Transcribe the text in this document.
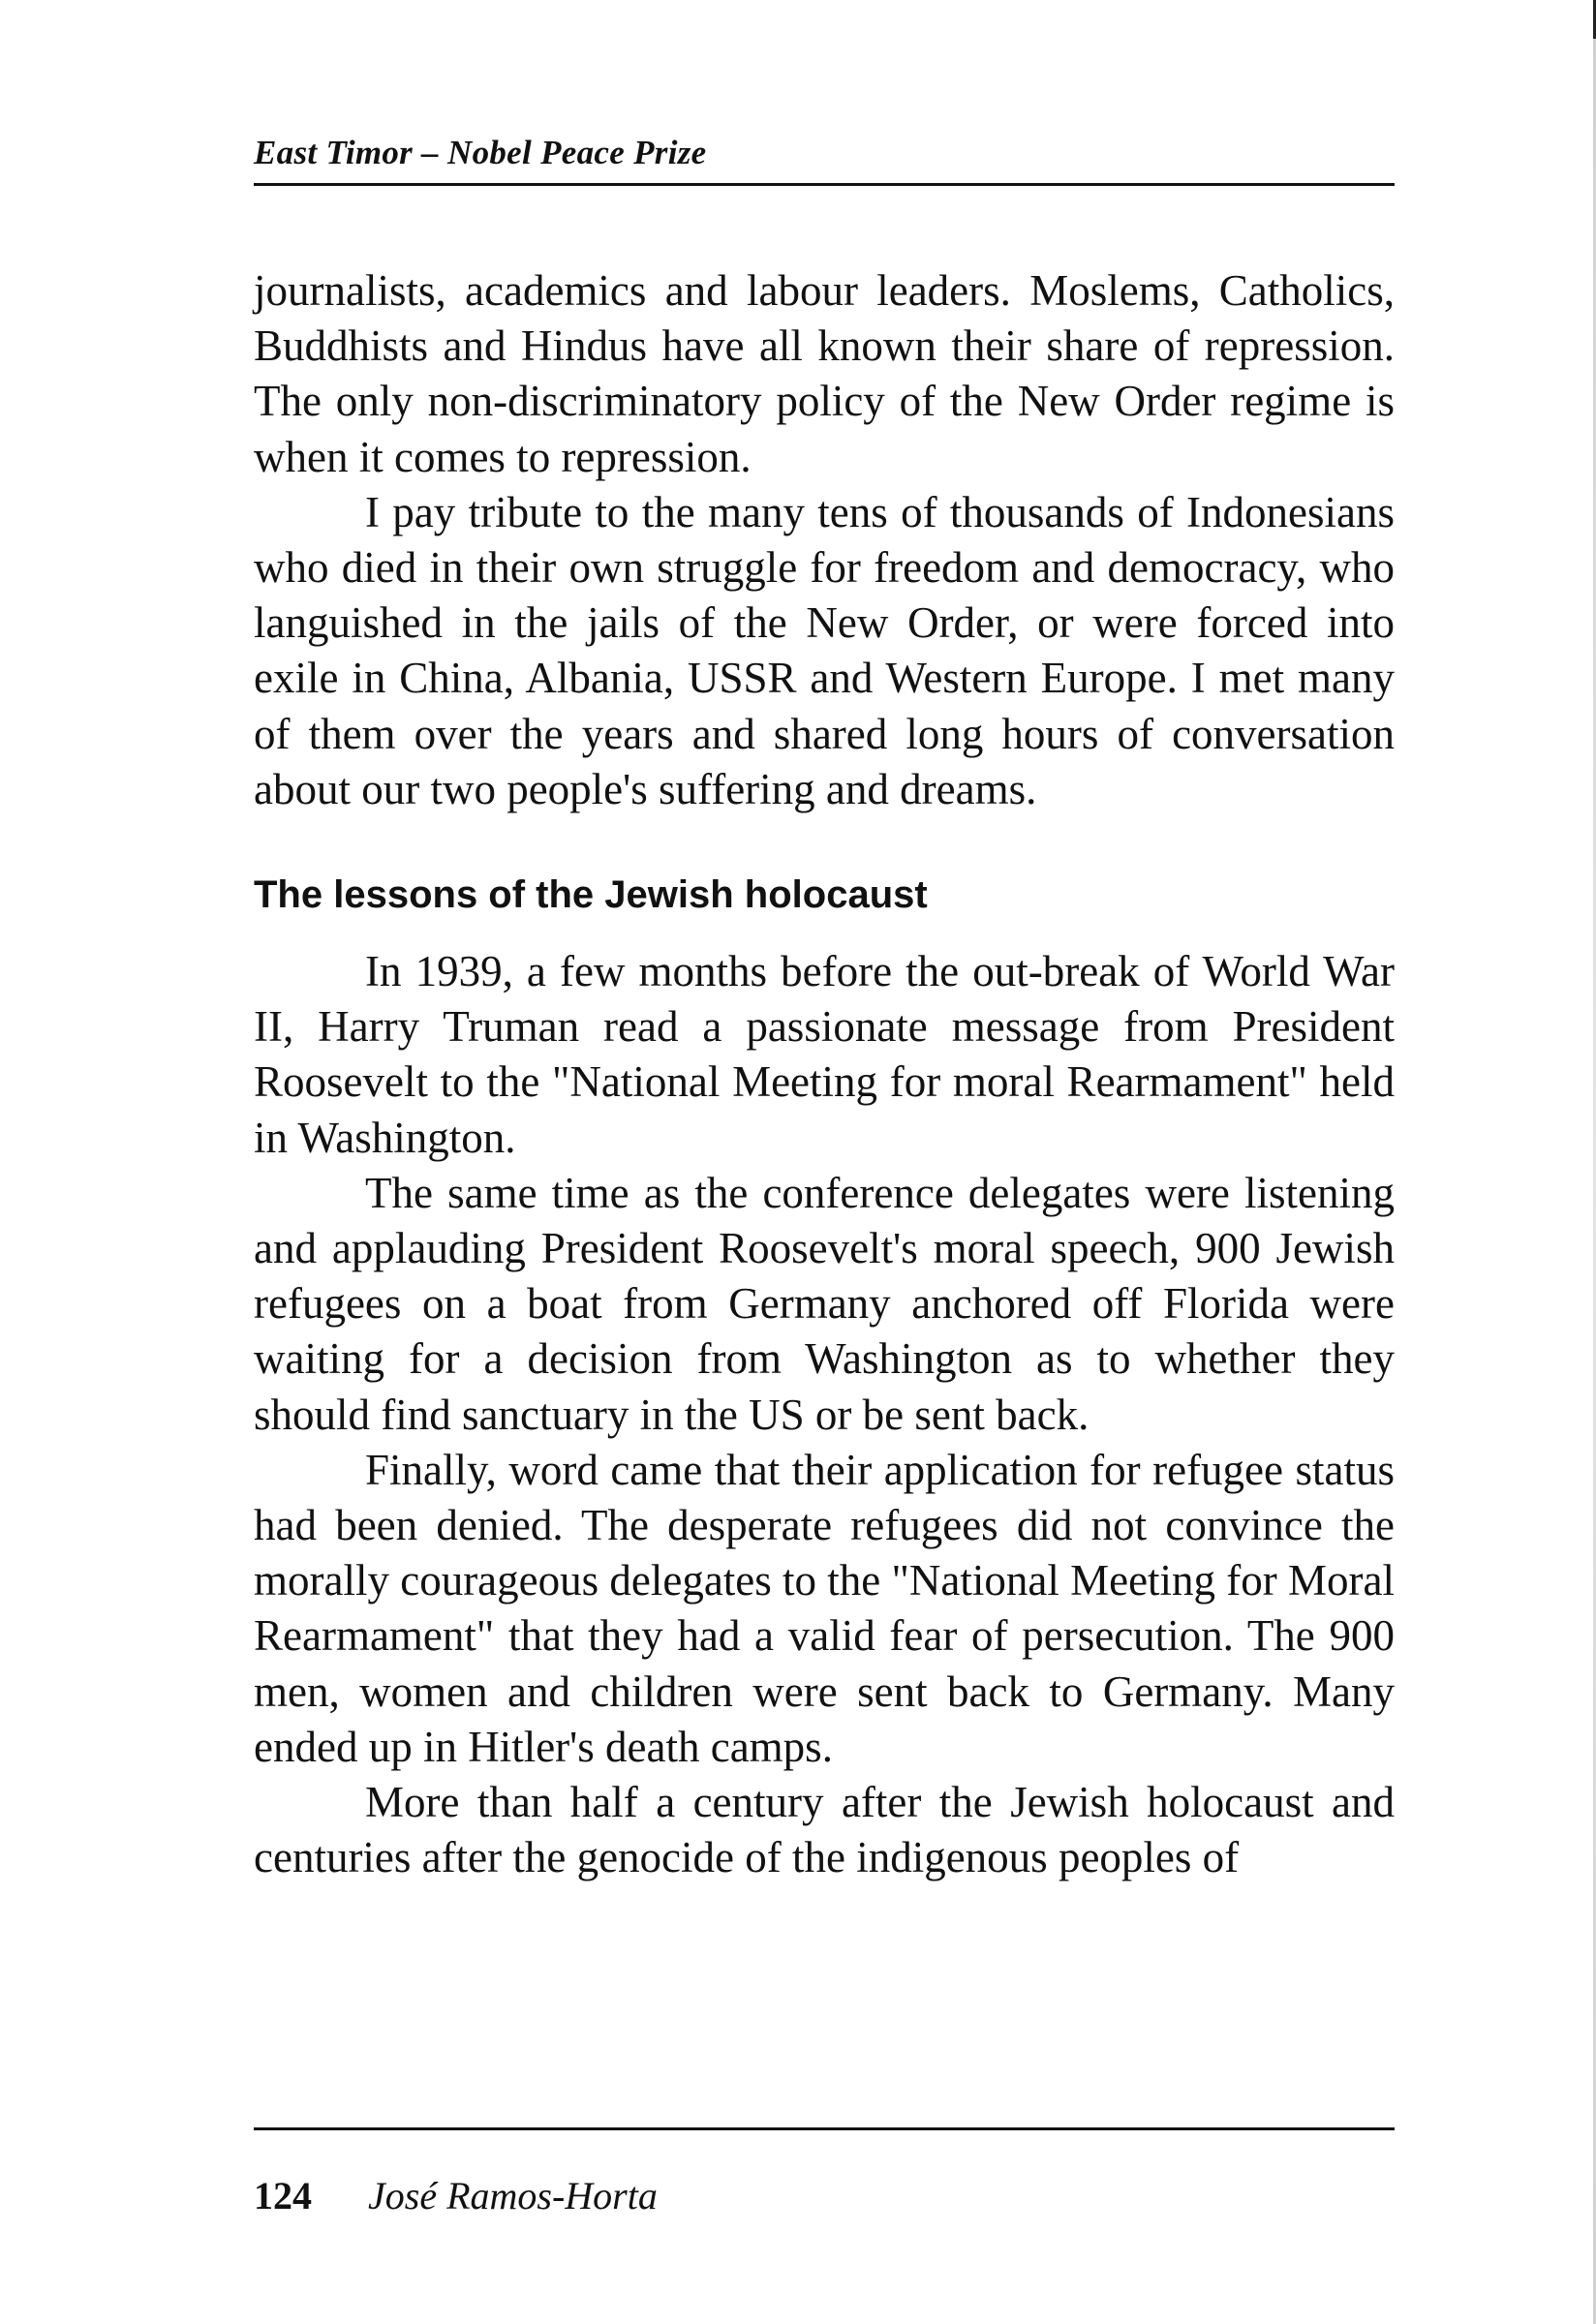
East Timor – Nobel Peace Prize

journalists, academics and labour leaders. Moslems, Catholics, Buddhists and Hindus have all known their share of repression. The only non-discriminatory policy of the New Order regime is when it comes to repression.

I pay tribute to the many tens of thousands of Indonesians who died in their own struggle for freedom and democracy, who languished in the jails of the New Order, or were forced into exile in China, Albania, USSR and Western Europe. I met many of them over the years and shared long hours of conversation about our two people's suffering and dreams.

The lessons of the Jewish holocaust

In 1939, a few months before the out-break of World War II, Harry Truman read a passionate message from President Roosevelt to the "National Meeting for moral Rearmament" held in Washington.

The same time as the conference delegates were listening and applauding President Roosevelt's moral speech, 900 Jewish refugees on a boat from Germany anchored off Florida were waiting for a decision from Washington as to whether they should find sanctuary in the US or be sent back.

Finally, word came that their application for refugee status had been denied. The desperate refugees did not convince the morally courageous delegates to the "National Meeting for Moral Rearmament" that they had a valid fear of persecution. The 900 men, women and children were sent back to Germany. Many ended up in Hitler's death camps.

More than half a century after the Jewish holocaust and centuries after the genocide of the indigenous peoples of

124 José Ramos-Horta
